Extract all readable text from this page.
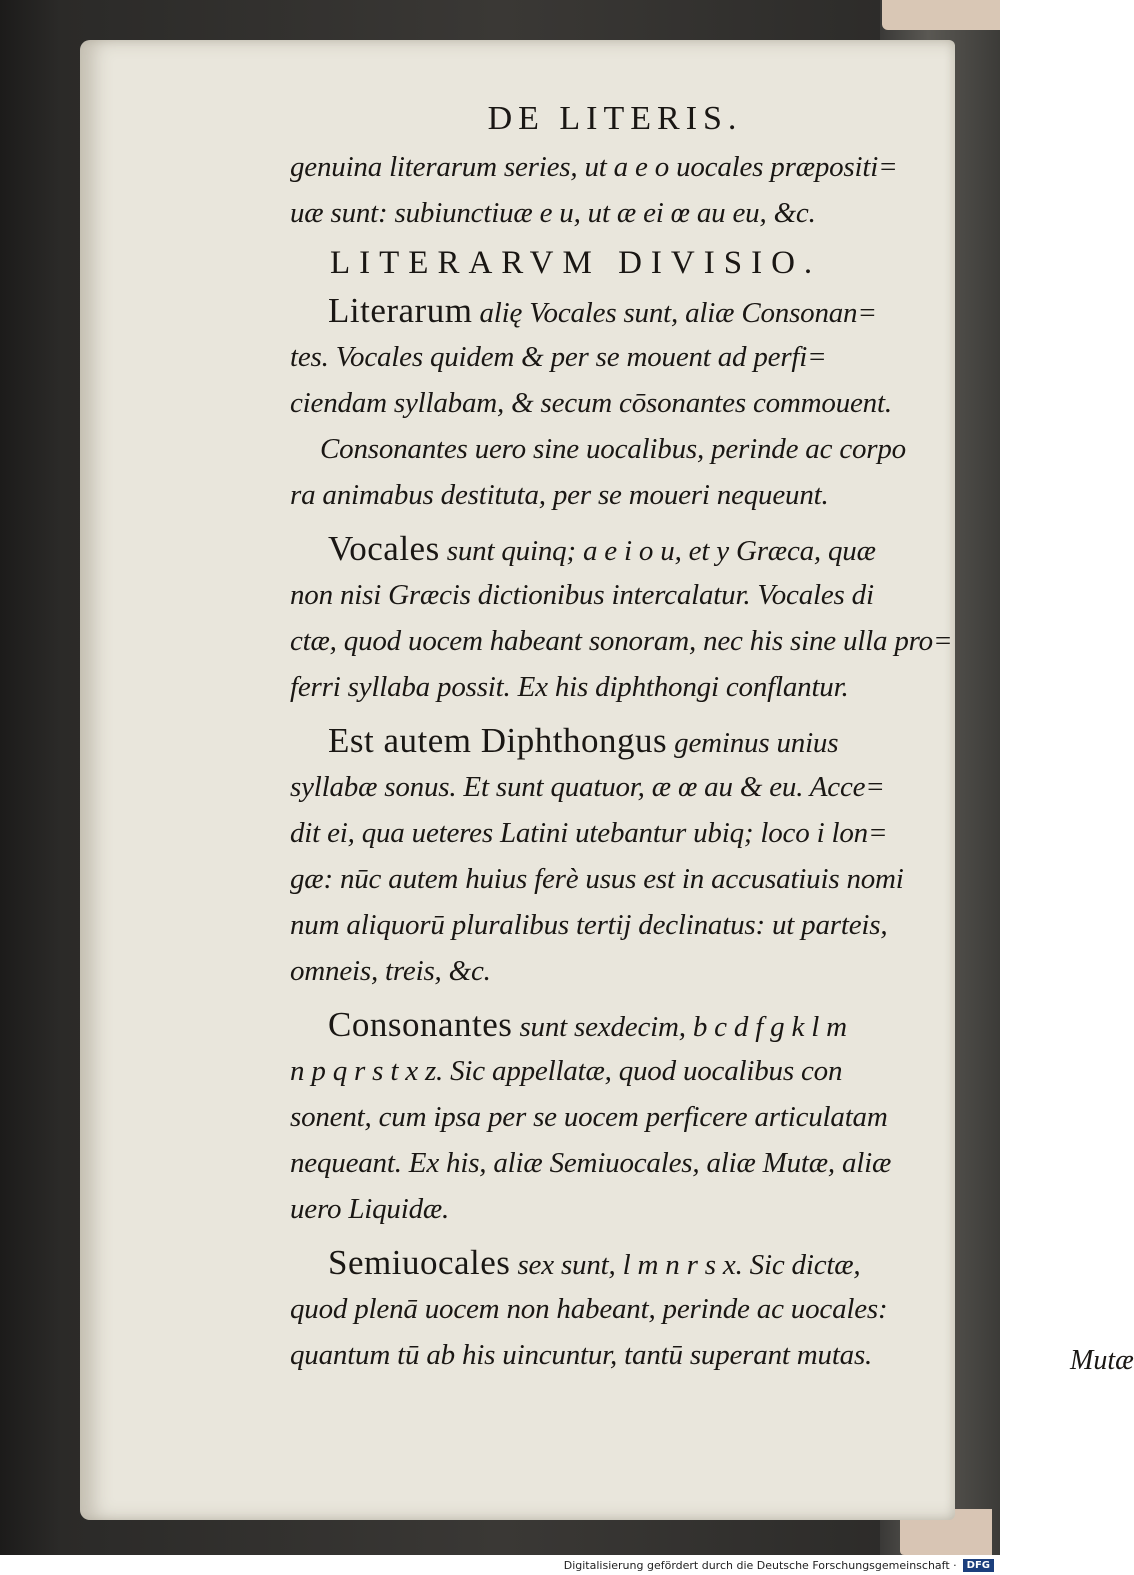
DE LITERIS.
genuina literarum series, ut a e o uocales præpositi=
uæ sunt: subiunctiuæ e u, ut æ ei œ au eu, &c.
LITERARVM DIVISIO.
Literarum alię Vocales sunt, aliæ Consonan=
tes. Vocales quidem & per se mouent ad perfi=
ciendam syllabam, & secum cōsonantes commouent.
Consonantes uero sine uocalibus, perinde ac corpo
ra animabus destituta, per se moueri nequeunt.
Vocales sunt quinq; a e i o u, et y Græca, quæ
non nisi Græcis dictionibus intercalatur. Vocales di
ctæ, quod uocem habeant sonoram, nec his sine ulla pro=
ferri syllaba possit. Ex his diphthongi conflantur.
Est autem Diphthongus geminus unius
syllabæ sonus. Et sunt quatuor, æ œ au & eu. Acce=
dit ei, qua ueteres Latini utebantur ubiq; loco i lon=
gæ: nūc autem huius ferè usus est in accusatiuis nomi
num aliquorū pluralibus tertij declinatus: ut parteis,
omneis, treis, &c.
Consonantes sunt sexdecim, b c d f g k l m
n p q r s t x z. Sic appellatæ, quod uocalibus con
sonent, cum ipsa per se uocem perficere articulatam
nequeant. Ex his, aliæ Semiuocales, aliæ Mutæ, aliæ
uero Liquidæ.
Semiuocales sex sunt, l m n r s x. Sic dictæ,
quod plenā uocem non habeant, perinde ac uocales:
quantum tū ab his uincuntur, tantū superant mutas.	Mutæ
Digitalisierung gefördert durch die Deutsche Forschungsgemeinschaft ·	DFG
